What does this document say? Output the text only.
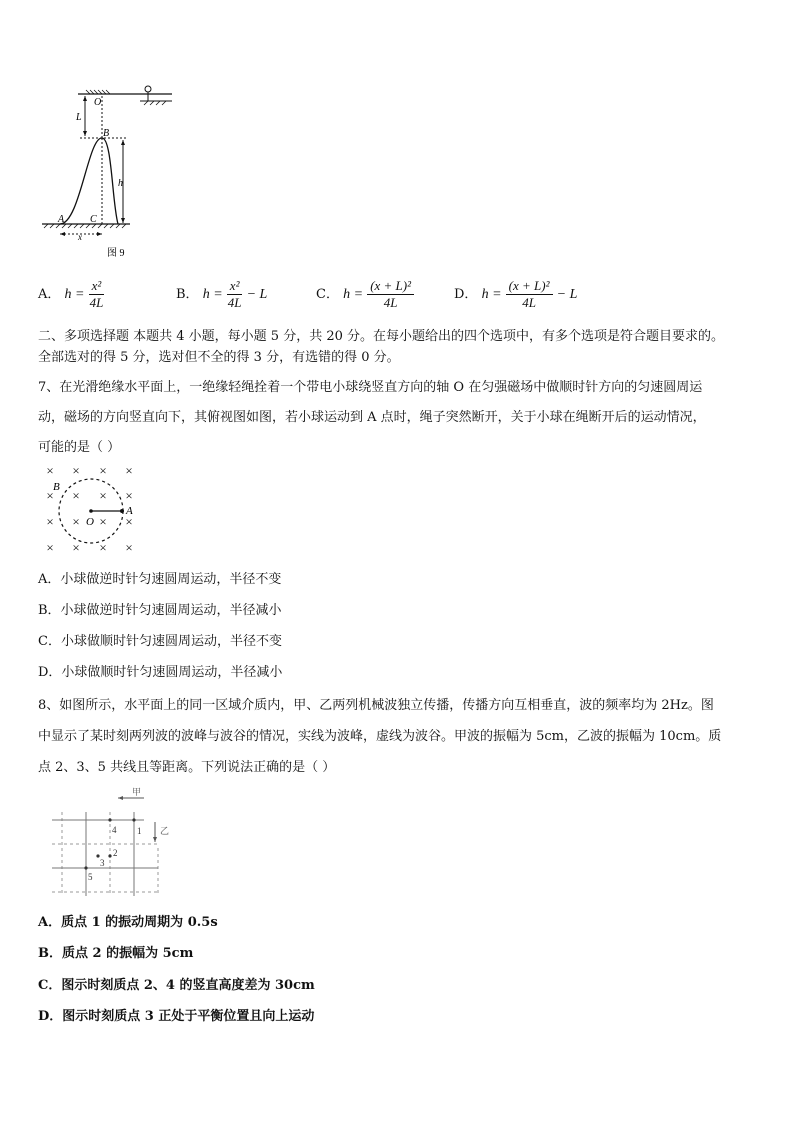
O
L
B
h
A	C
x
图 9
A． $h = \frac{\text{x²}}{4L}$	B． $h = \frac{\text{x²}}{4L} - L$	C． $h = \frac{\text{(x + L)²}}{4L}$	D． $h = \frac{\text{(x + L)²}}{4L} - L$
二、多项选择题 本题共 4 小题，每小题 5 分，共 20 分。在每小题给出的四个选项中，有多个选项是符合题目要求的。
全部选对的得 5 分，选对但不全的得 3 分，有选错的得 0 分。
7、在光滑绝缘水平面上，一绝缘轻绳拴着一个带电小球绕竖直方向的轴 O 在匀强磁场中做顺时针方向的匀速圆周运
动，磁场的方向竖直向下，其俯视图如图，若小球运动到 A 点时，绳子突然断开，关于小球在绳断开后的运动情况，
可能的是（ ）
× × × ×
× × × ×
× × × ×
× × × ×
B
O
A
A．小球做逆时针匀速圆周运动，半径不变
B．小球做逆时针匀速圆周运动，半径减小
C．小球做顺时针匀速圆周运动，半径不变
D．小球做顺时针匀速圆周运动，半径减小
8、如图所示，水平面上的同一区域介质内，甲、乙两列机械波独立传播，传播方向互相垂直，波的频率均为 2Hz。图
中显示了某时刻两列波的波峰与波谷的情况，实线为波峰，虚线为波谷。甲波的振幅为 5cm，乙波的振幅为 10cm。质
点 2、3、5 共线且等距离。下列说法正确的是（ ）
甲
乙
1
2
3
4
5
A．质点 1 的振动周期为 0.5s
B．质点 2 的振幅为 5cm
C．图示时刻质点 2、4 的竖直高度差为 30cm
D．图示时刻质点 3 正处于平衡位置且向上运动
